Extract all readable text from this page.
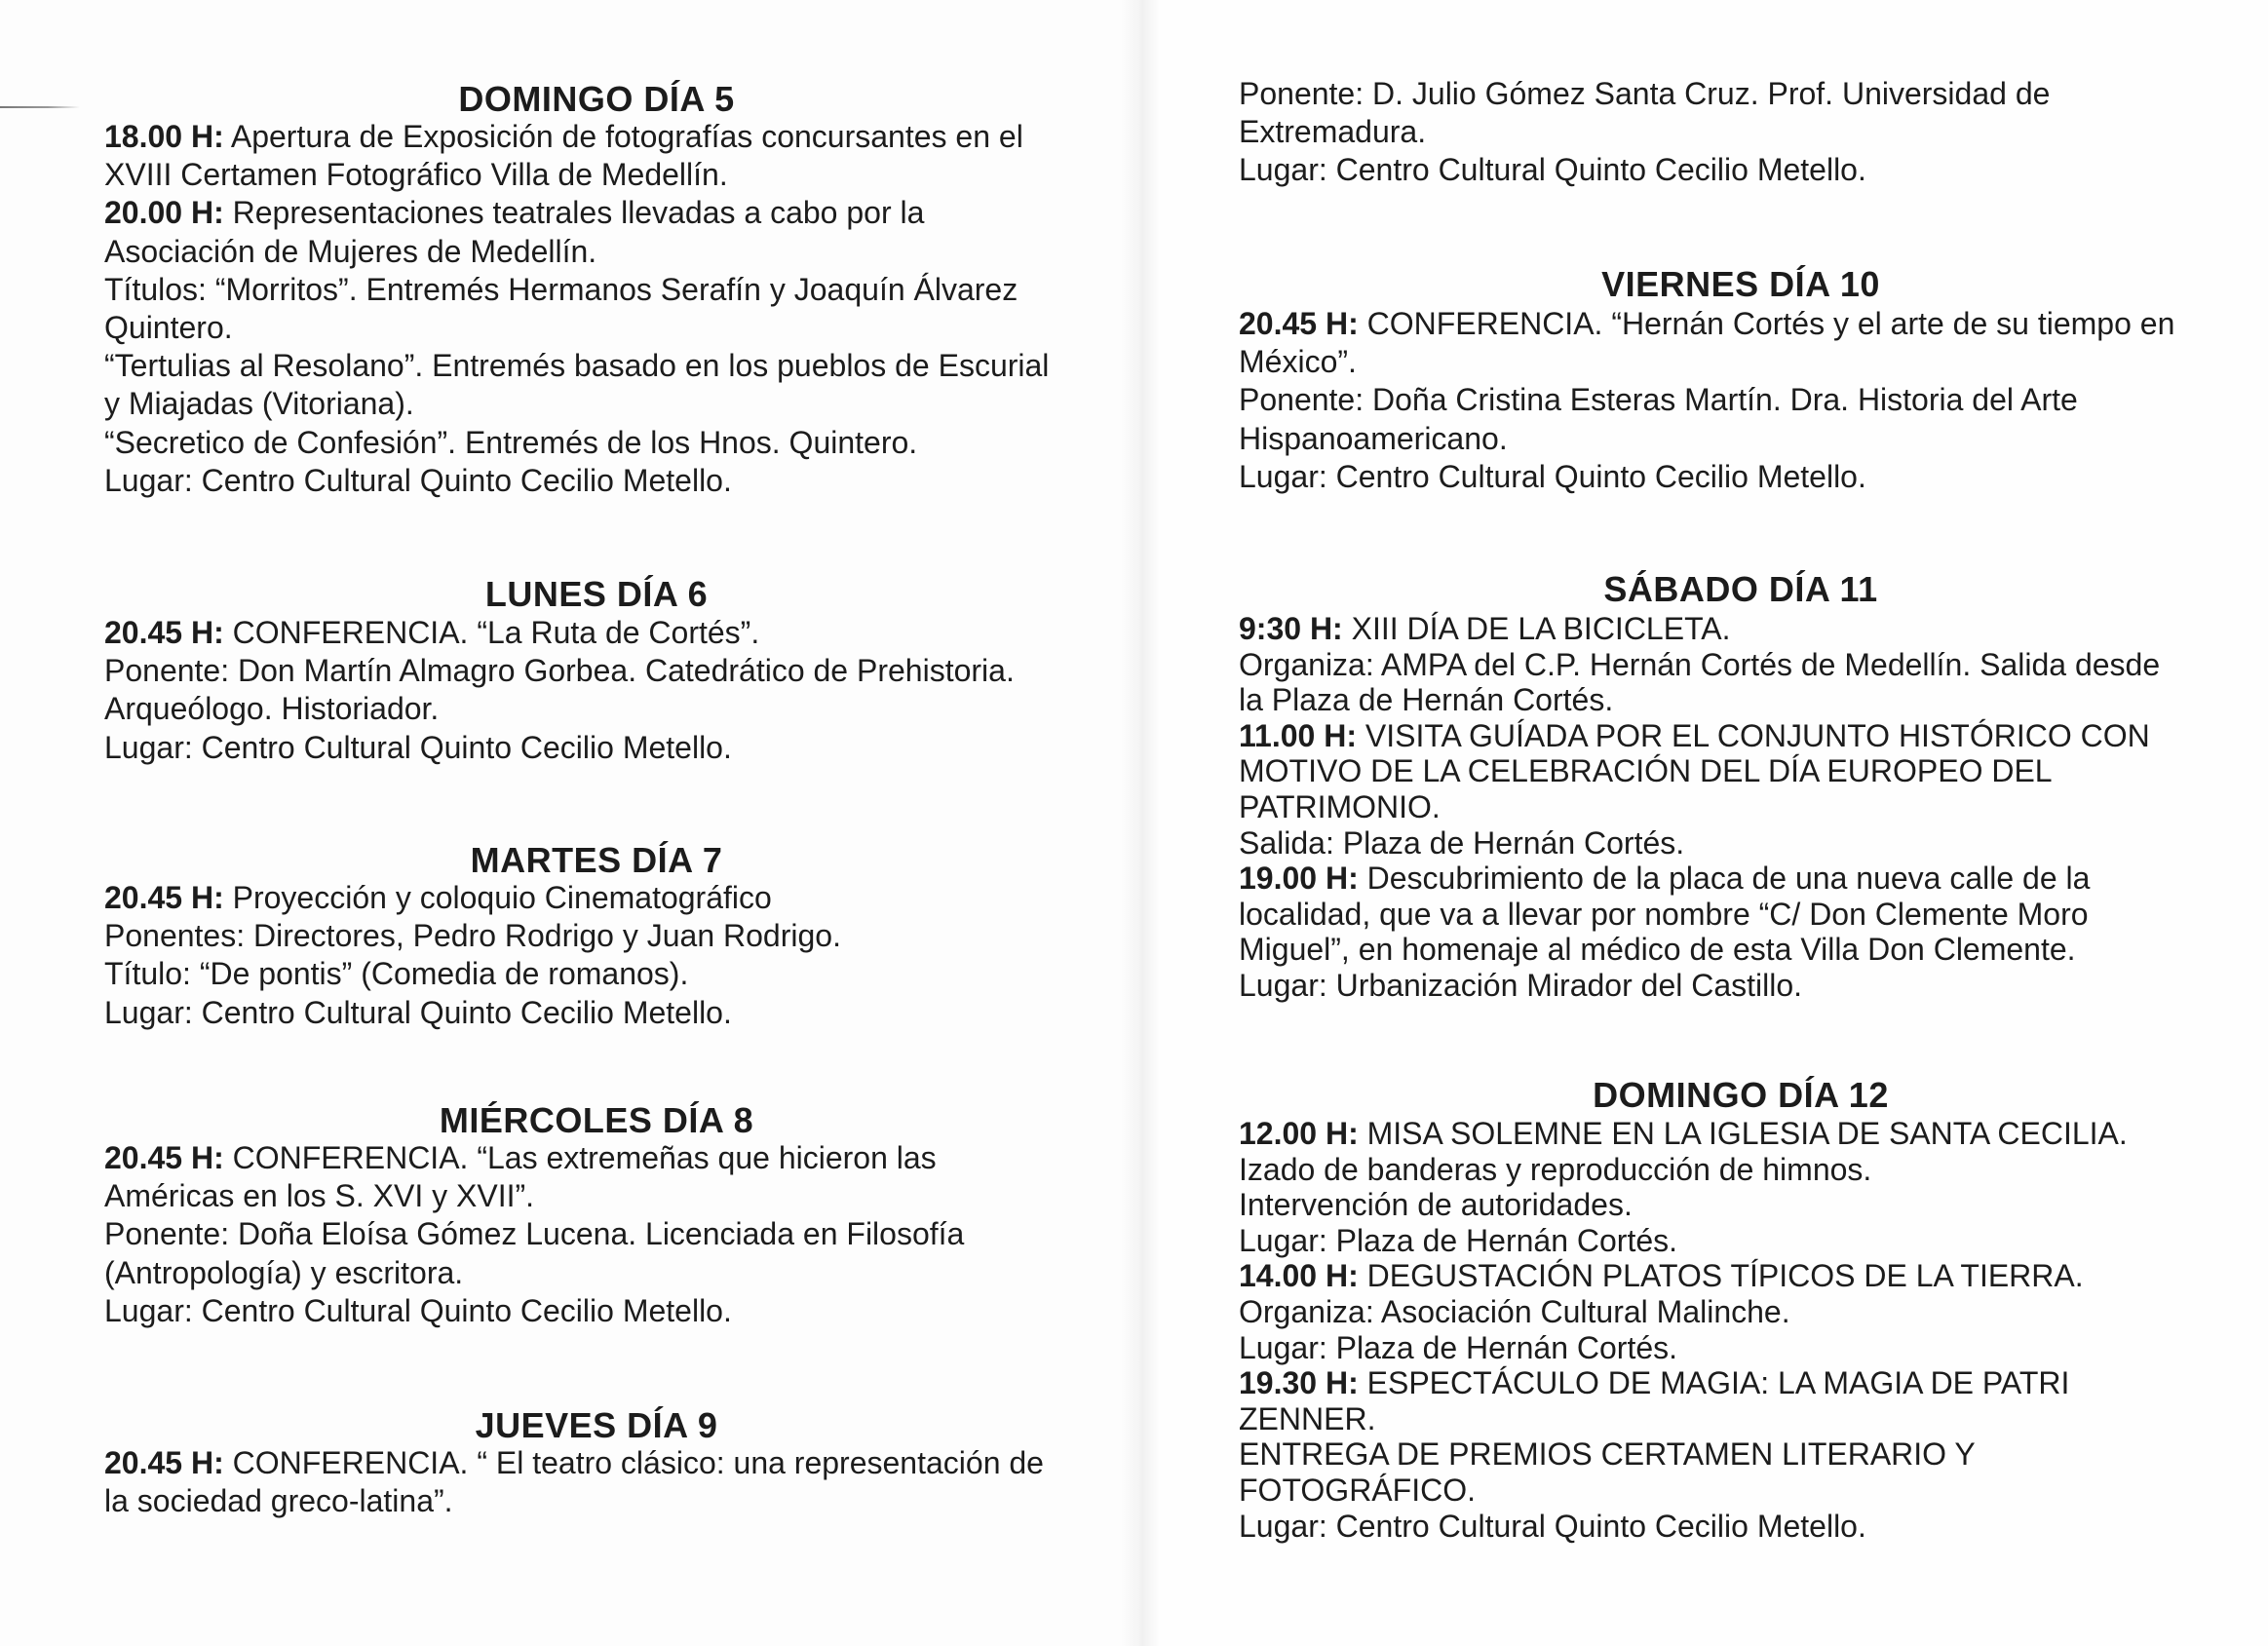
DOMINGO DÍA 5
18.00 H: Apertura de Exposición de fotografías concursantes en el
XVIII Certamen Fotográfico Villa de Medellín.
20.00 H: Representaciones teatrales llevadas a cabo por la
Asociación de Mujeres de Medellín.
Títulos: “Morritos”. Entremés Hermanos Serafín y Joaquín Álvarez
Quintero.
“Tertulias al Resolano”. Entremés basado en los pueblos de Escurial
y Miajadas (Vitoriana).
“Secretico de Confesión”. Entremés de los Hnos. Quintero.
Lugar: Centro Cultural Quinto Cecilio Metello.
LUNES DÍA 6
20.45 H: CONFERENCIA. “La Ruta de Cortés”.
Ponente: Don Martín Almagro Gorbea. Catedrático de Prehistoria.
Arqueólogo. Historiador.
Lugar: Centro Cultural Quinto Cecilio Metello.
MARTES DÍA 7
20.45 H: Proyección y coloquio Cinematográfico
Ponentes: Directores, Pedro Rodrigo y Juan Rodrigo.
Título: “De pontis” (Comedia de romanos).
Lugar: Centro Cultural Quinto Cecilio Metello.
MIÉRCOLES DÍA 8
20.45 H: CONFERENCIA. “Las extremeñas que hicieron las
Américas en los S. XVI y XVII”.
Ponente: Doña Eloísa Gómez Lucena. Licenciada en Filosofía
(Antropología) y escritora.
Lugar: Centro Cultural Quinto Cecilio Metello.
JUEVES DÍA 9
20.45 H: CONFERENCIA. “ El teatro clásico: una representación de
la sociedad greco-latina”.
Ponente: D. Julio Gómez Santa Cruz. Prof. Universidad de
Extremadura.
Lugar: Centro Cultural Quinto Cecilio Metello.
VIERNES DÍA 10
20.45 H: CONFERENCIA. “Hernán Cortés y el arte de su tiempo en
México”.
Ponente: Doña Cristina Esteras Martín. Dra. Historia del Arte
Hispanoamericano.
Lugar: Centro Cultural Quinto Cecilio Metello.
SÁBADO DÍA 11
9:30 H: XIII DÍA DE LA BICICLETA.
Organiza: AMPA del C.P. Hernán Cortés de Medellín. Salida desde
la Plaza de Hernán Cortés.
11.00 H: VISITA GUÍADA POR EL CONJUNTO HISTÓRICO CON
MOTIVO DE LA CELEBRACIÓN DEL DÍA EUROPEO DEL
PATRIMONIO.
Salida: Plaza de Hernán Cortés.
19.00 H: Descubrimiento de la placa de una nueva calle de la
localidad, que va a llevar por nombre “C/ Don Clemente Moro
Miguel”, en homenaje al médico de esta Villa Don Clemente.
Lugar: Urbanización Mirador del Castillo.
DOMINGO DÍA 12
12.00 H: MISA SOLEMNE EN LA IGLESIA DE SANTA CECILIA.
Izado de banderas y reproducción de himnos.
Intervención de autoridades.
Lugar: Plaza de Hernán Cortés.
14.00 H: DEGUSTACIÓN PLATOS TÍPICOS DE LA TIERRA.
Organiza: Asociación Cultural Malinche.
Lugar: Plaza de Hernán Cortés.
19.30 H: ESPECTÁCULO DE MAGIA: LA MAGIA DE PATRI
ZENNER.
ENTREGA DE PREMIOS CERTAMEN LITERARIO Y
FOTOGRÁFICO.
Lugar: Centro Cultural Quinto Cecilio Metello.
